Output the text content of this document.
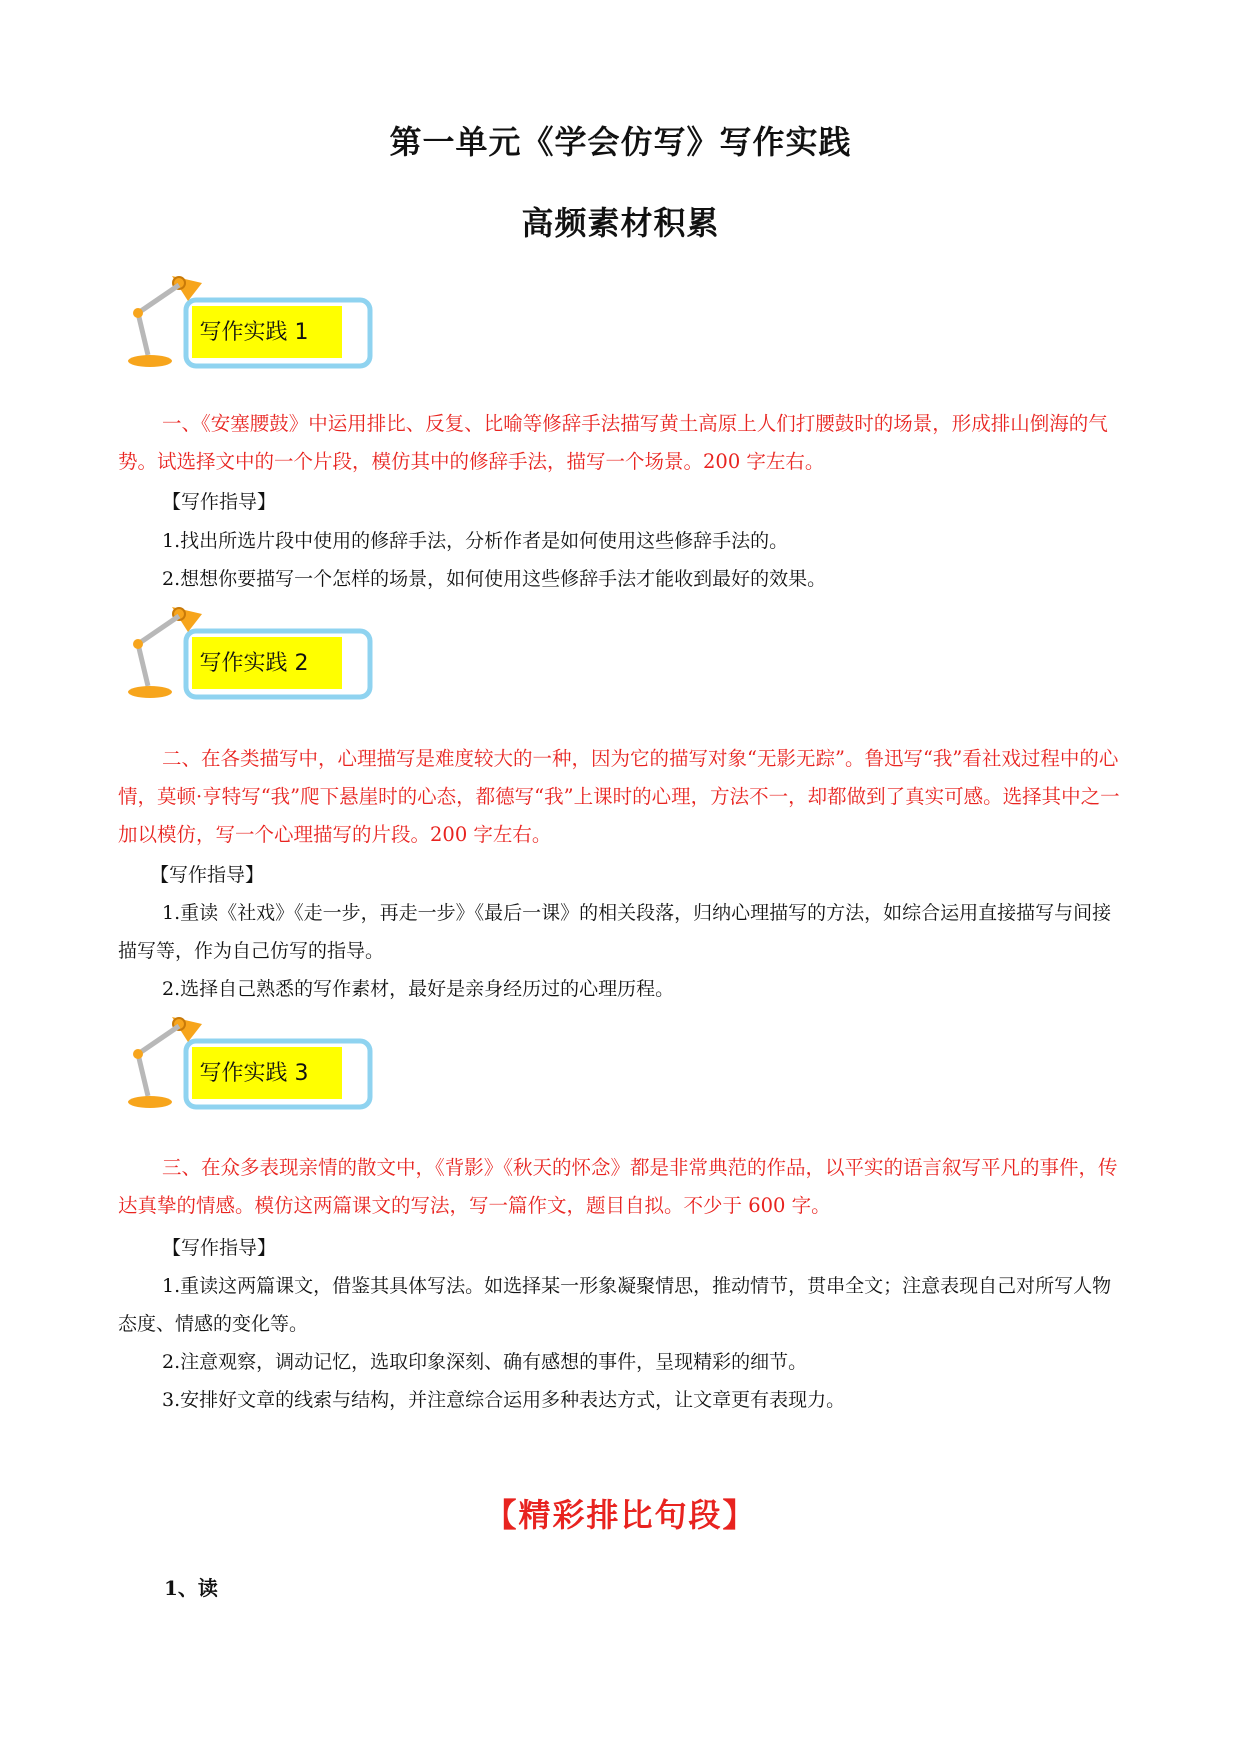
第一单元《学会仿写》写作实践
高频素材积累
写作实践 1

一、《安塞腰鼓》中运用排比、反复、比喻等修辞手法描写黄土高原上人们打腰鼓时的场景，形成排山倒海的气势。试选择文中的一个片段，模仿其中的修辞手法，描写一个场景。200 字左右。

【写作指导】

1.找出所选片段中使用的修辞手法，分析作者是如何使用这些修辞手法的。

2.想想你要描写一个怎样的场景，如何使用这些修辞手法才能收到最好的效果。

写作实践 2

二、在各类描写中，心理描写是难度较大的一种，因为它的描写对象“无影无踪”。鲁迅写“我”看社戏过程中的心情，莫顿·亨特写“我”爬下悬崖时的心态，都德写“我”上课时的心理，方法不一，却都做到了真实可感。选择其中之一加以模仿，写一个心理描写的片段。200 字左右。

【写作指导】

1.重读《社戏》《走一步，再走一步》《最后一课》的相关段落，归纳心理描写的方法，如综合运用直接描写与间接描写等，作为自己仿写的指导。

2.选择自己熟悉的写作素材，最好是亲身经历过的心理历程。

写作实践 3

三、在众多表现亲情的散文中，《背影》《秋天的怀念》都是非常典范的作品，以平实的语言叙写平凡的事件，传达真挚的情感。模仿这两篇课文的写法，写一篇作文，题目自拟。不少于 600 字。

【写作指导】

1.重读这两篇课文，借鉴其具体写法。如选择某一形象凝聚情思，推动情节，贯串全文；注意表现自己对所写人物态度、情感的变化等。

2.注意观察，调动记忆，选取印象深刻、确有感想的事件，呈现精彩的细节。

3.安排好文章的线索与结构，并注意综合运用多种表达方式，让文章更有表现力。

【精彩排比句段】
1、读
